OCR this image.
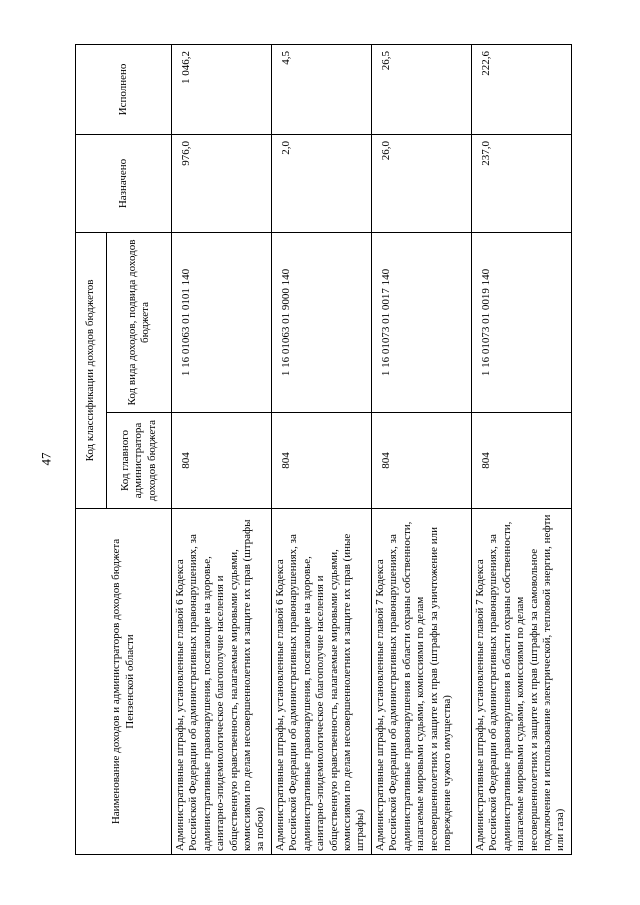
47
Наименование доходов и администраторов доходов бюджета Пензенской области	Код классификации доходов бюджетов		Назначено	Исполнено
	Код главного администратора доходов бюджета	Код вида доходов, подвида доходов бюджета		
Административные штрафы, установленные главой 6 Кодекса Российской Федерации об административных правонарушениях, за административные правонарушения, посягающие на здоровье, санитарно-эпидемиологическое благополучие населения и общественную нравственность, налагаемые мировыми судьями, комиссиями по делам несовершеннолетних и защите их прав (штрафы за побои)	804	1 16 01063 01 0101 140	976,0	1 046,2
Административные штрафы, установленные главой 6 Кодекса Российской Федерации об административных правонарушениях, за административные правонарушения, посягающие на здоровье, санитарно-эпидемиологическое благополучие населения и общественную нравственность, налагаемые мировыми судьями, комиссиями по делам несовершеннолетних и защите их прав (иные штрафы)	804	1 16 01063 01 9000 140	2,0	4,5
Административные штрафы, установленные главой 7 Кодекса Российской Федерации об административных правонарушениях, за административные правонарушения в области охраны собственности, налагаемые мировыми судьями, комиссиями по делам несовершеннолетних и защите их прав (штрафы за уничтожение или повреждение чужого имущества)	804	1 16 01073 01 0017 140	26,0	26,5
Административные штрафы, установленные главой 7 Кодекса Российской Федерации об административных правонарушениях, за административные правонарушения в области охраны собственности, налагаемые мировыми судьями, комиссиями по делам несовершеннолетних и защите их прав (штрафы за самовольное подключение и использование электрической, тепловой энергии, нефти или газа)	804	1 16 01073 01 0019 140	237,0	222,6
